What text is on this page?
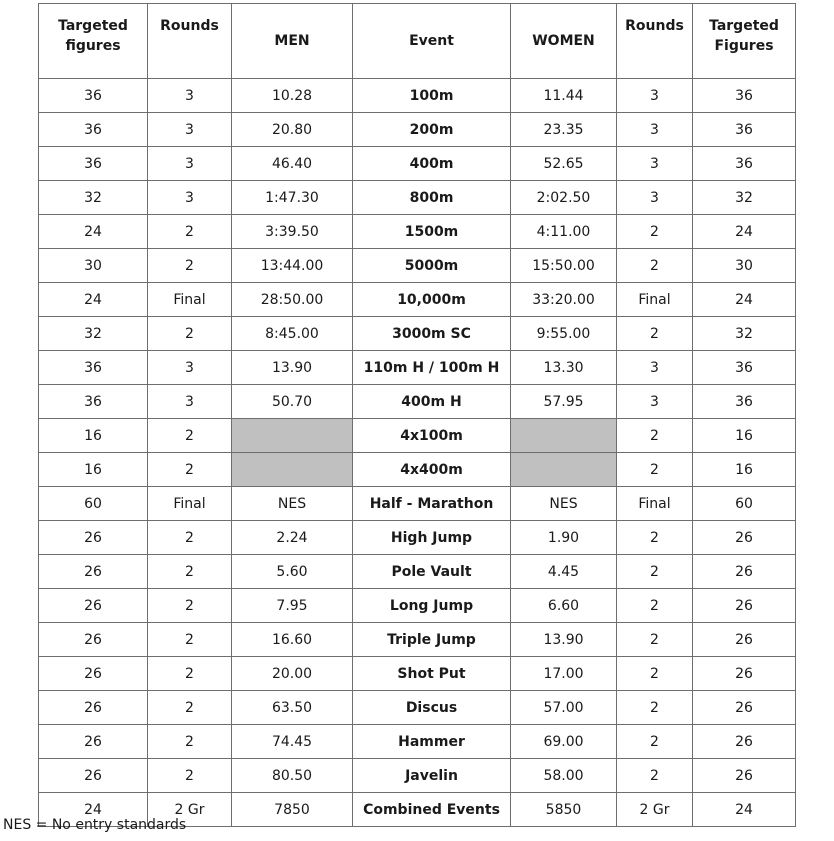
Targeted figures	Rounds	MEN	Event	WOMEN	Rounds	Targeted Figures
36	3	10.28	100m	11.44	3	36
36	3	20.80	200m	23.35	3	36
36	3	46.40	400m	52.65	3	36
32	3	1:47.30	800m	2:02.50	3	32
24	2	3:39.50	1500m	4:11.00	2	24
30	2	13:44.00	5000m	15:50.00	2	30
24	Final	28:50.00	10,000m	33:20.00	Final	24
32	2	8:45.00	3000m SC	9:55.00	2	32
36	3	13.90	110m H / 100m H	13.30	3	36
36	3	50.70	400m H	57.95	3	36
16	2		4x100m		2	16
16	2		4x400m		2	16
60	Final	NES	Half - Marathon	NES	Final	60
26	2	2.24	High Jump	1.90	2	26
26	2	5.60	Pole Vault	4.45	2	26
26	2	7.95	Long Jump	6.60	2	26
26	2	16.60	Triple Jump	13.90	2	26
26	2	20.00	Shot Put	17.00	2	26
26	2	63.50	Discus	57.00	2	26
26	2	74.45	Hammer	69.00	2	26
26	2	80.50	Javelin	58.00	2	26
24	2 Gr	7850	Combined Events	5850	2 Gr	24
NES = No entry standards
